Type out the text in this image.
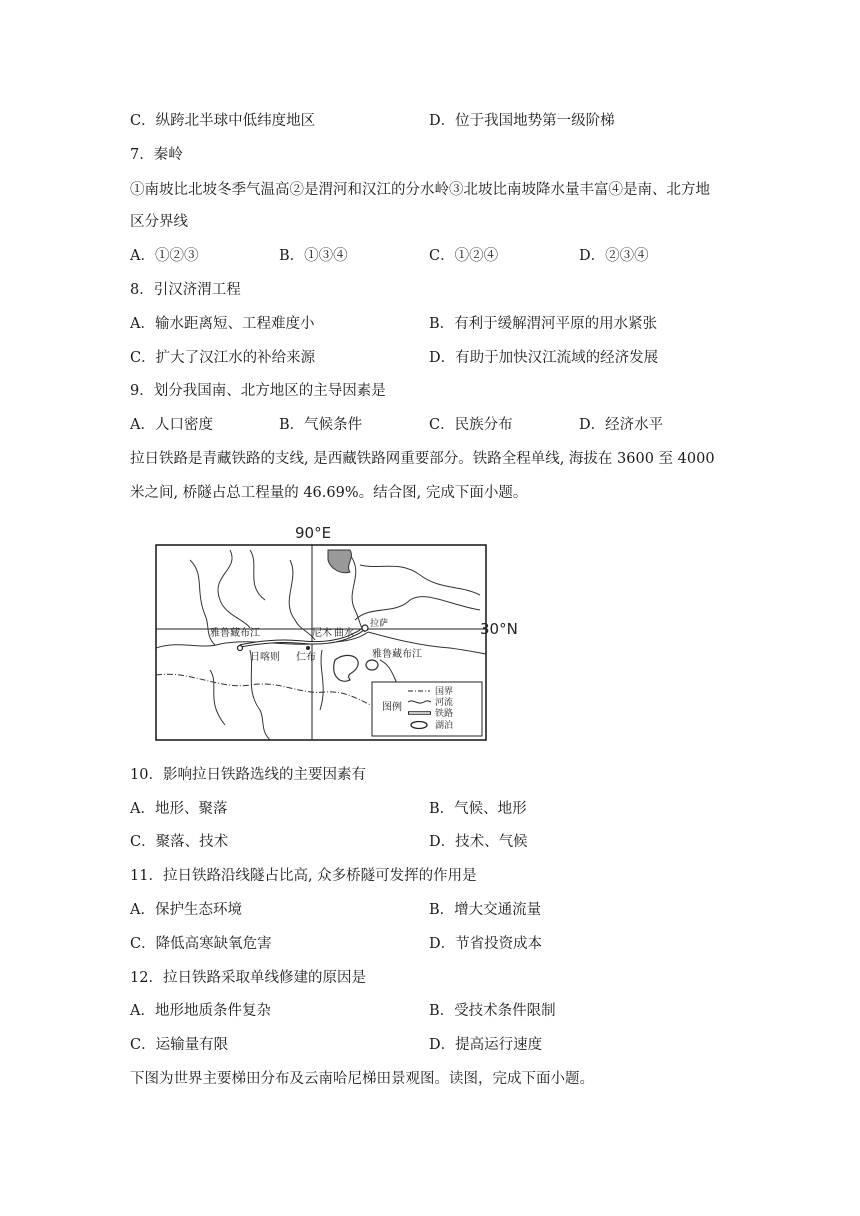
C．纵跨北半球中低纬度地区	D．位于我国地势第一级阶梯
7．秦岭
①南坡比北坡冬季气温高②是渭河和汉江的分水岭③北坡比南坡降水量丰富④是南、北方地
区分界线
A．①②③	B．①③④	C．①②④	D．②③④
8．引汉济渭工程
A．输水距离短、工程难度小	B．有利于缓解渭河平原的用水紧张
C．扩大了汉江水的补给来源	D．有助于加快汉江流域的经济发展
9．划分我国南、北方地区的主导因素是
A．人口密度	B．气候条件	C．民族分布	D．经济水平
拉日铁路是青藏铁路的支线, 是西藏铁路网重要部分。铁路全程单线, 海拔在 3600 至 4000
米之间, 桥隧占总工程量的 46.69%。结合图, 完成下面小题。
90°E
30°N
雅鲁藏布江	尼木 曲水
拉萨
日喀则 仁布	雅鲁藏布江
图例
国界
河流
铁路
湖泊
10．影响拉日铁路选线的主要因素有
A．地形、聚落	B．气候、地形
C．聚落、技术	D．技术、气候
11．拉日铁路沿线隧占比高, 众多桥隧可发挥的作用是
A．保护生态环境	B．增大交通流量
C．降低高寒缺氧危害	D．节省投资成本
12．拉日铁路采取单线修建的原因是
A．地形地质条件复杂	B．受技术条件限制
C．运输量有限	D．提高运行速度
下图为世界主要梯田分布及云南哈尼梯田景观图。读图，完成下面小题。
